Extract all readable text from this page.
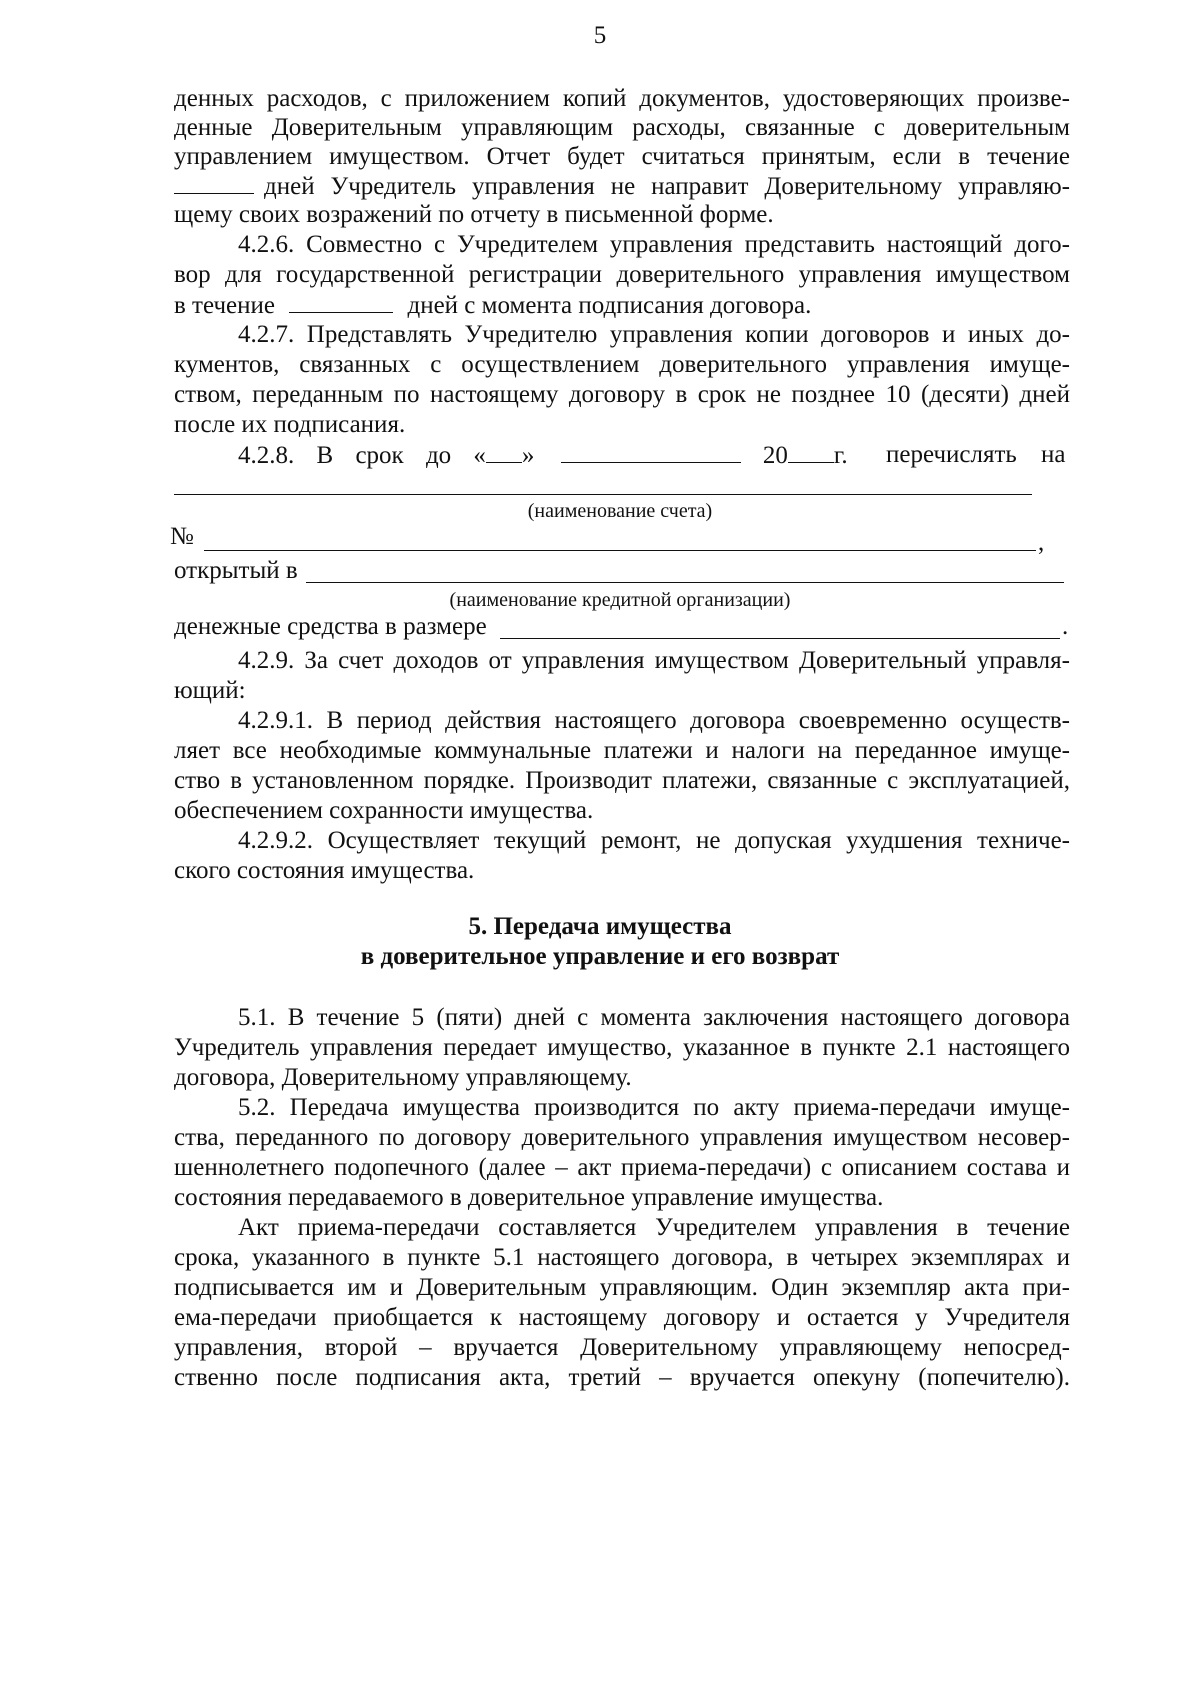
5
денных расходов, с приложением копий документов, удостоверяющих произве-
денные Доверительным управляющим расходы, связанные с доверительным
управлением имуществом. Отчет будет считаться принятым, если в течение
дней Учредитель управления не направит Доверительному управляю-
щему своих возражений по отчету в письменной форме.
4.2.6. Совместно с Учредителем управления представить настоящий дого-
вор для государственной регистрации доверительного управления имуществом
в течение	дней с момента подписания договора.
4.2.7. Представлять Учредителю управления копии договоров и иных до-
кументов, связанных с осуществлением доверительного управления имуще-
ством, переданным по настоящему договору в срок не позднее 10 (десяти) дней
после их подписания.
4.2.8. В срок до « »	20 г. перечислять на
(наименование счета)
№	,
открытый в
(наименование кредитной организации)
денежные средства в размере	.
4.2.9. За счет доходов от управления имуществом Доверительный управля-
ющий:
4.2.9.1. В период действия настоящего договора своевременно осуществ-
ляет все необходимые коммунальные платежи и налоги на переданное имуще-
ство в установленном порядке. Производит платежи, связанные с эксплуатацией,
обеспечением сохранности имущества.
4.2.9.2. Осуществляет текущий ремонт, не допуская ухудшения техниче-
ского состояния имущества.
5. Передача имущества
в доверительное управление и его возврат
5.1. В течение 5 (пяти) дней с момента заключения настоящего договора
Учредитель управления передает имущество, указанное в пункте 2.1 настоящего
договора, Доверительному управляющему.
5.2. Передача имущества производится по акту приема-передачи имуще-
ства, переданного по договору доверительного управления имуществом несовер-
шеннолетнего подопечного (далее – акт приема-передачи) с описанием состава и
состояния передаваемого в доверительное управление имущества.
Акт приема-передачи составляется Учредителем управления в течение
срока, указанного в пункте 5.1 настоящего договора, в четырех экземплярах и
подписывается им и Доверительным управляющим. Один экземпляр акта при-
ема-передачи приобщается к настоящему договору и остается у Учредителя
управления, второй – вручается Доверительному управляющему непосред-
ственно после подписания акта, третий – вручается опекуну (попечителю).
